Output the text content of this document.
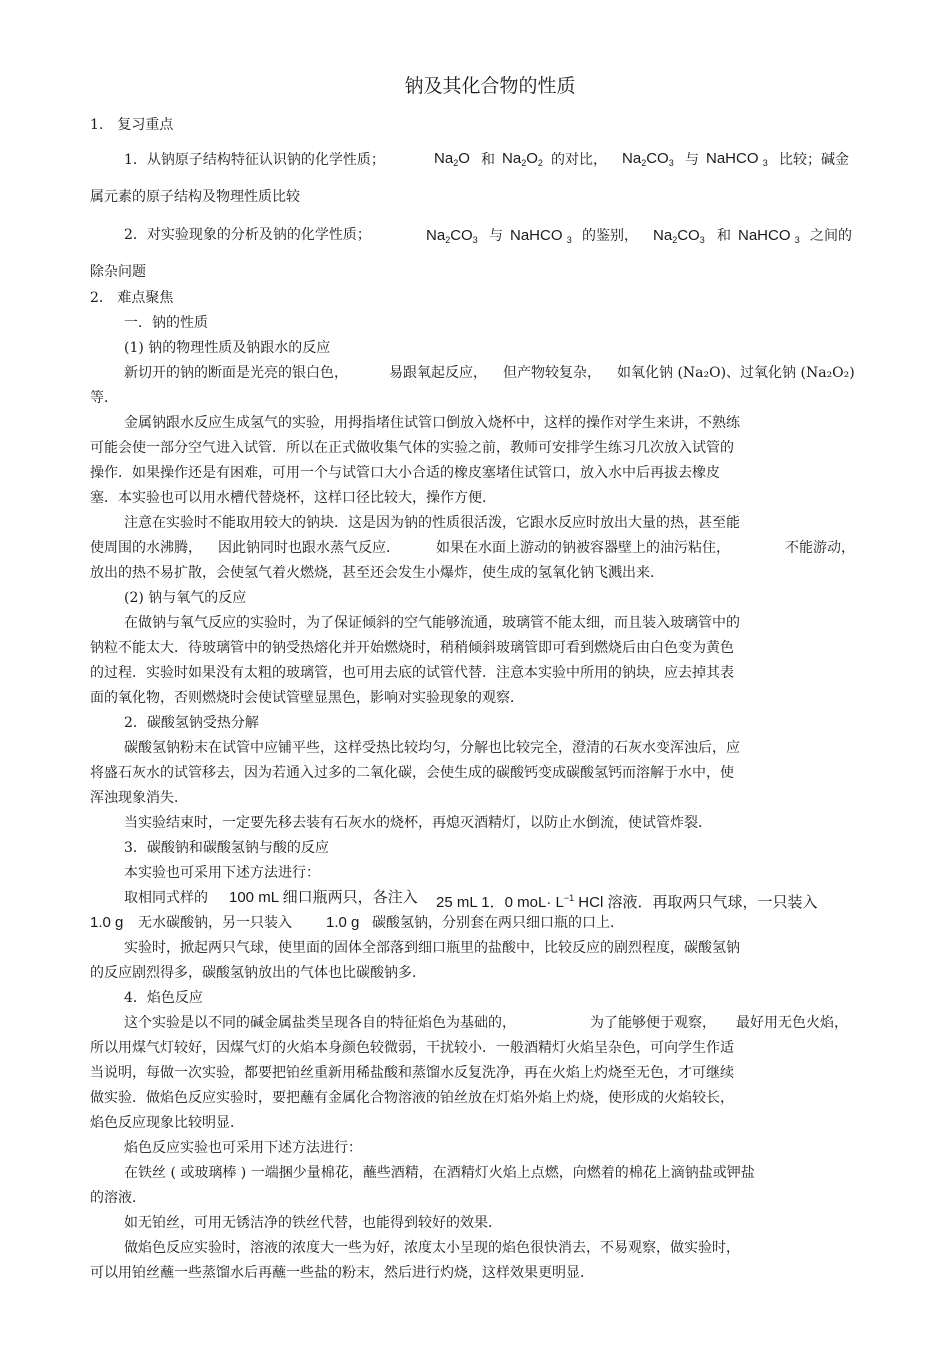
钠及其化合物的性质
1.　复习重点
1．从钠原子结构特征认识钠的化学性质；	$Na_2O$ 和 $Na_2O_2$ 的对比， $Na_2CO_3$ 与 NaHCO $_3$ 比较；碱金
属元素的原子结构及物理性质比较
2．对实验现象的分析及钠的化学性质；	$Na_2CO_3$ 与 NaHCO $_3$ 的鉴别， $Na_2CO_3$ 和 NaHCO $_3$ 之间的
除杂问题
2.　难点聚焦
一．钠的性质
(1) 钠的物理性质及钠跟水的反应
新切开的钠的断面是光亮的银白色，	易跟氧起反应， 但产物较复杂， 如氧化钠 (Na₂O)、过氧化钠 (Na₂O₂)
等．
金属钠跟水反应生成氢气的实验，用拇指堵住试管口倒放入烧杯中，这样的操作对学生来讲，不熟练
可能会使一部分空气进入试管．所以在正式做收集气体的实验之前，教师可安排学生练习几次放入试管的
操作．如果操作还是有困难，可用一个与试管口大小合适的橡皮塞堵住试管口，放入水中后再拔去橡皮
塞．本实验也可以用水槽代替烧杯，这样口径比较大，操作方便．
注意在实验时不能取用较大的钠块．这是因为钠的性质很活泼，它跟水反应时放出大量的热，甚至能
使周围的水沸腾， 因此钠同时也跟水蒸气反应．	如果在水面上游动的钠被容器壁上的油污粘住，	不能游动，
放出的热不易扩散，会使氢气着火燃烧，甚至还会发生小爆炸，使生成的氢氧化钠飞溅出来．
(2) 钠与氧气的反应
在做钠与氧气反应的实验时，为了保证倾斜的空气能够流通，玻璃管不能太细，而且装入玻璃管中的
钠粒不能太大．待玻璃管中的钠受热熔化并开始燃烧时，稍稍倾斜玻璃管即可看到燃烧后由白色变为黄色
的过程．实验时如果没有太粗的玻璃管，也可用去底的试管代替．注意本实验中所用的钠块，应去掉其表
面的氧化物，否则燃烧时会使试管壁显黑色，影响对实验现象的观察．
2．碳酸氢钠受热分解
碳酸氢钠粉末在试管中应铺平些，这样受热比较均匀，分解也比较完全，澄清的石灰水变浑浊后，应
将盛石灰水的试管移去，因为若通入过多的二氧化碳，会使生成的碳酸钙变成碳酸氢钙而溶解于水中，使
浑浊现象消失．
当实验结束时，一定要先移去装有石灰水的烧杯，再熄灭酒精灯，以防止水倒流，使试管炸裂．
3．碳酸钠和碳酸氢钠与酸的反应
本实验也可采用下述方法进行：
取相同式样的 100 mL 细口瓶两只，各注入 25 mL 1．0 $moL\cdot L^{-1}$ HCl 溶液．再取两只气球，一只装入
1.0 g 无水碳酸钠，另一只装入 1.0 g 碳酸氢钠，分别套在两只细口瓶的口上．
实验时，掀起两只气球，使里面的固体全部落到细口瓶里的盐酸中，比较反应的剧烈程度，碳酸氢钠
的反应剧烈得多，碳酸氢钠放出的气体也比碳酸钠多．
4．焰色反应
这个实验是以不同的碱金属盐类呈现各自的特征焰色为基础的，	为了能够便于观察， 最好用无色火焰，
所以用煤气灯较好，因煤气灯的火焰本身颜色较微弱，干扰较小．一般酒精灯火焰呈杂色，可向学生作适
当说明，每做一次实验，都要把铂丝重新用稀盐酸和蒸馏水反复洗净，再在火焰上灼烧至无色，才可继续
做实验．做焰色反应实验时，要把蘸有金属化合物溶液的铂丝放在灯焰外焰上灼烧，使形成的火焰较长，
焰色反应现象比较明显．
焰色反应实验也可采用下述方法进行：
在铁丝 ( 或玻璃棒 ) 一端捆少量棉花，蘸些酒精，在酒精灯火焰上点燃，向燃着的棉花上滴钠盐或钾盐
的溶液．
如无铂丝，可用无锈洁净的铁丝代替，也能得到较好的效果．
做焰色反应实验时，溶液的浓度大一些为好，浓度太小呈现的焰色很快消去，不易观察，做实验时，
可以用铂丝蘸一些蒸馏水后再蘸一些盐的粉末，然后进行灼烧，这样效果更明显．
